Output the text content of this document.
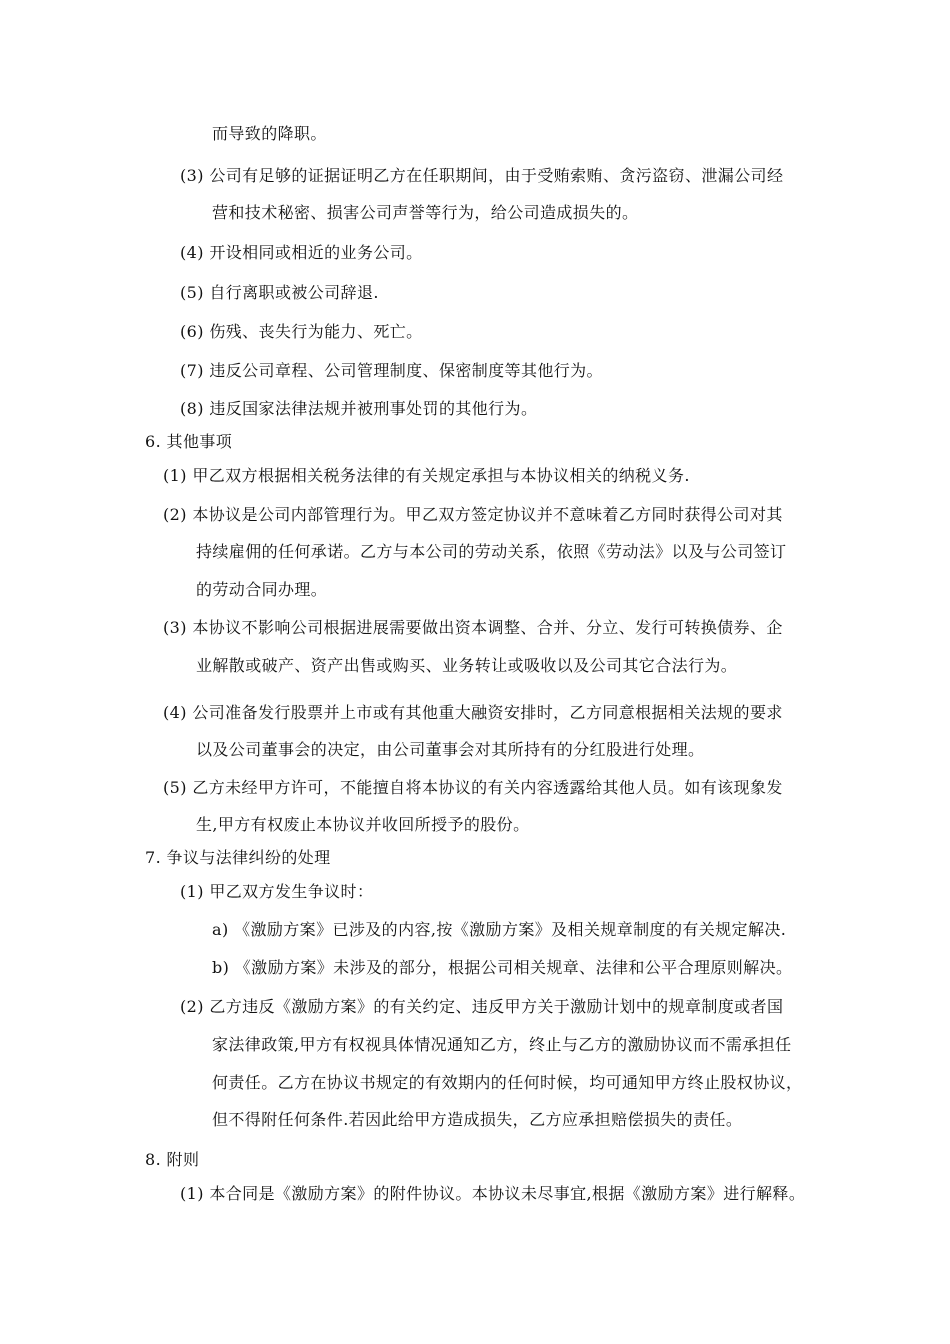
而导致的降职。
(3) 公司有足够的证据证明乙方在任职期间，由于受贿索贿、贪污盗窃、泄漏公司经
营和技术秘密、损害公司声誉等行为，给公司造成损失的。
(4) 开设相同或相近的业务公司。
(5) 自行离职或被公司辞退.
(6) 伤残、丧失行为能力、死亡。
(7) 违反公司章程、公司管理制度、保密制度等其他行为。
(8) 违反国家法律法规并被刑事处罚的其他行为。
6. 其他事项
(1) 甲乙双方根据相关税务法律的有关规定承担与本协议相关的纳税义务.
(2) 本协议是公司内部管理行为。甲乙双方签定协议并不意味着乙方同时获得公司对其
持续雇佣的任何承诺。乙方与本公司的劳动关系，依照《劳动法》以及与公司签订
的劳动合同办理。
(3) 本协议不影响公司根据进展需要做出资本调整、合并、分立、发行可转换债券、企
业解散或破产、资产出售或购买、业务转让或吸收以及公司其它合法行为。
(4) 公司准备发行股票并上市或有其他重大融资安排时，乙方同意根据相关法规的要求
以及公司董事会的决定，由公司董事会对其所持有的分红股进行处理。
(5) 乙方未经甲方许可，不能擅自将本协议的有关内容透露给其他人员。如有该现象发
生,甲方有权废止本协议并收回所授予的股份。
7. 争议与法律纠纷的处理
(1) 甲乙双方发生争议时：
a) 《激励方案》已涉及的内容,按《激励方案》及相关规章制度的有关规定解决.
b) 《激励方案》未涉及的部分，根据公司相关规章、法律和公平合理原则解决。
(2) 乙方违反《激励方案》的有关约定、违反甲方关于激励计划中的规章制度或者国
家法律政策,甲方有权视具体情况通知乙方，终止与乙方的激励协议而不需承担任
何责任。乙方在协议书规定的有效期内的任何时候，均可通知甲方终止股权协议，
但不得附任何条件.若因此给甲方造成损失，乙方应承担赔偿损失的责任。
8. 附则
(1) 本合同是《激励方案》的附件协议。本协议未尽事宜,根据《激励方案》进行解释。
